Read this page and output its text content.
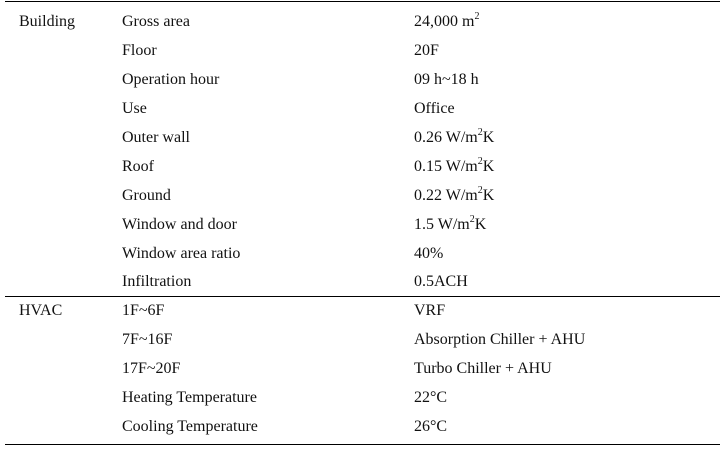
Building	Gross area	24,000 $m^2$
Floor	20F
Operation hour	09 h~18 h
Use	Office
Outer wall	0.26 $W/m^2K$
Roof	0.15 $W/m^2K$
Ground	0.22 $W/m^2K$
Window and door	1.5 $W/m^2K$
Window area ratio	40%
Infiltration	0.5ACH
HVAC	1F~6F	VRF
7F~16F	Absorption Chiller + AHU
17F~20F	Turbo Chiller + AHU
Heating Temperature	22°C
Cooling Temperature	26°C
